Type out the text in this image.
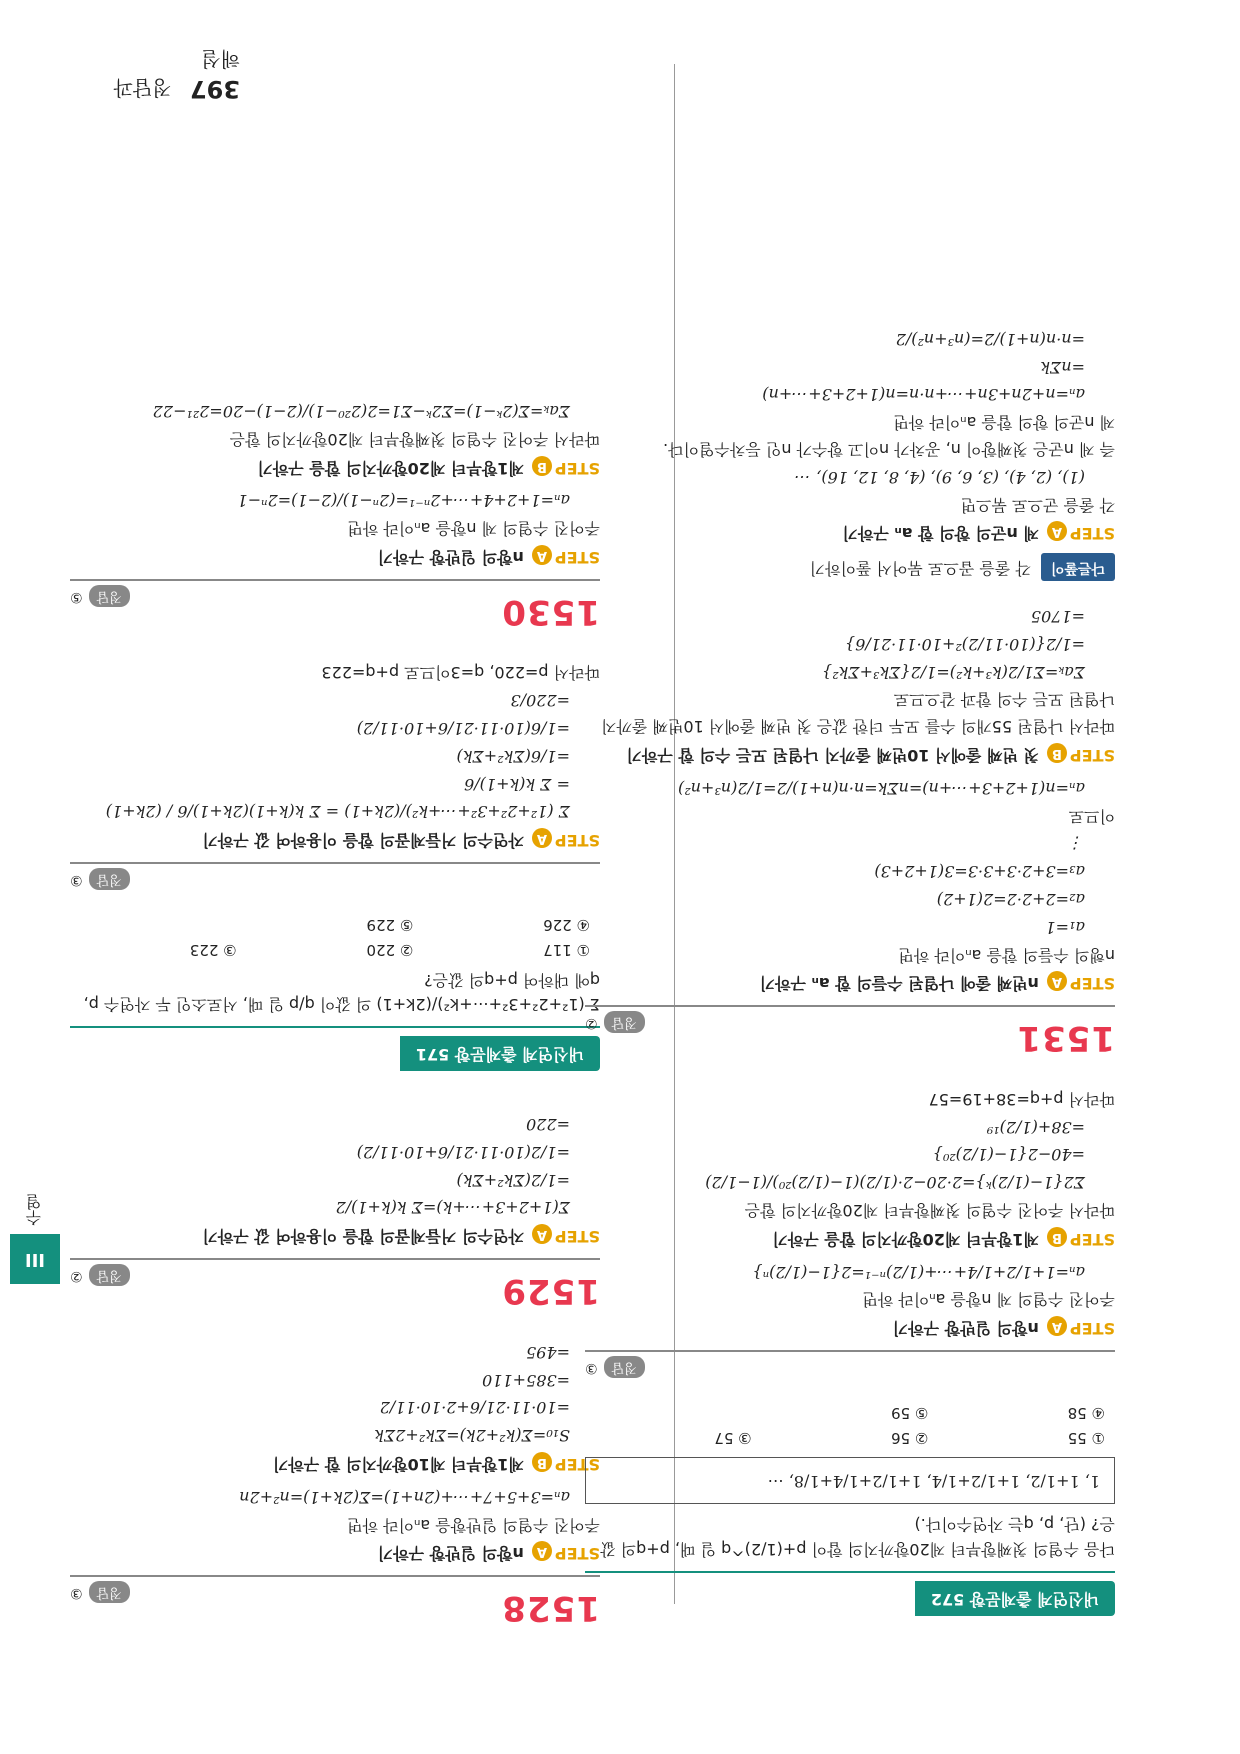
397 정답과 해설
III
수열
1528
정답③
STEPAn항의 일반항 구하기
주어진 수열의 일반항을 aₙ이라 하면
aₙ=3+5+7+⋯+(2n+1)=Σ(2k+1)=n²+2n
STEPB제1항부터 제10항까지의 합 구하기
S₁₀=Σ(k²+2k)=Σk²+2Σk
=10·11·21/6+2·10·11/2
=385+110
=495
1529
정답②
STEPA자연수의 거듭제곱의 합을 이용하여 값 구하기
Σ(1+2+3+⋯+k)=Σ k(k+1)/2
=1/2(Σk²+Σk)
=1/2(10·11·21/6+10·11/2)
=220
내신연계 출제문항 571
Σ (1²+2²+3²+⋯+k²)/(2k+1) 의 값이 q/p 일 때, 서로소인 두 자연수 p, q에 대하여 p+q의 값은?
① 117
② 220
③ 223
④ 226
⑤ 229
정답③
STEPA자연수의 거듭제곱의 합을 이용하여 값 구하기
Σ (1²+2²+3²+⋯+k²)/(2k+1) = Σ k(k+1)(2k+1)/6 / (2k+1)
= Σ k(k+1)/6
=1/6(Σk²+Σk)
=1/6(10·11·21/6+10·11/2)
=220/3
따라서 p=220, q=3이므로 p+q=223
1530
정답⑤
STEPAn항의 일반항 구하기
주어진 수열의 제 n항을 aₙ이라 하면
aₙ=1+2+4+⋯+2ⁿ⁻¹=(2ⁿ−1)/(2−1)=2ⁿ−1
STEPB제1항부터 제20항까지의 합을 구하기
따라서 주어진 수열의 첫째항부터 제20항까지의 합은
Σaₖ=Σ(2ᵏ−1)=Σ2ᵏ−Σ1=2(2²⁰−1)/(2−1)−20=2²¹−22
내신연계 출제문항 572
다음 수열의 첫째항부터 제20항까지의 합이 p+(1/2)^q 일 때, p+q의 값은? (단, p, q는 자연수이다.)
1, 1+1/2, 1+1/2+1/4, 1+1/2+1/4+1/8, ⋯
① 55
② 56
③ 57
④ 58
⑤ 59
정답③
STEPAn항의 일반항 구하기
주어진 수열의 제 n항을 aₙ이라 하면
aₙ=1+1/2+1/4+⋯+(1/2)ⁿ⁻¹=2{1−(1/2)ⁿ}
STEPB제1항부터 제20항까지의 합을 구하기
따라서 주어진 수열의 첫째항부터 제20항까지의 합은
Σ2{1−(1/2)ᵏ}=2·20−2·(1/2)(1−(1/2)²⁰)/(1−1/2)
=40−2{1−(1/2)²⁰}
=38+(1/2)¹⁹
따라서 p+q=38+19=57
1531
정답②
STEPAn번째 줄에 나열된 수들의 합 aₙ 구하기
n행의 수들의 합을 aₙ이라 하면
a₁=1
a₂=2+2·2=2(1+2)
a₃=3+2·3+3·3=3(1+2+3)
⋮
이므로
aₙ=n(1+2+3+⋯+n)=nΣk=n·n(n+1)/2=1/2(n³+n²)
STEPB첫 번째 줄에서 10번째 줄까지 나열된 모든 수의 합 구하기
따라서 나열된 55개의 수를 모두 더한 값은 첫 번째 줄에서 10번째 줄까지
나열된 모든 수의 합과 같으므로
Σaₖ=Σ1/2(k³+k²)=1/2{Σk³+Σk²}
=1/2{(10·11/2)²+10·11·21/6}
=1705
다른풀이
각 줄을 곱으로 묶어서 풀이하기
STEPA제 n군의 항의 합 aₙ 구하기
각 줄을 군으로 묶으면
(1), (2, 4), (3, 6, 9), (4, 8, 12, 16), ⋯
즉 제 n군은 첫째항이 n, 공차가 n이고 항수가 n인 등차수열이다.
제 n군의 항의 합을 aₙ이라 하면
aₙ=n+2n+3n+⋯+n·n=n(1+2+3+⋯+n)
=nΣk
=n·n(n+1)/2=(n³+n²)/2
